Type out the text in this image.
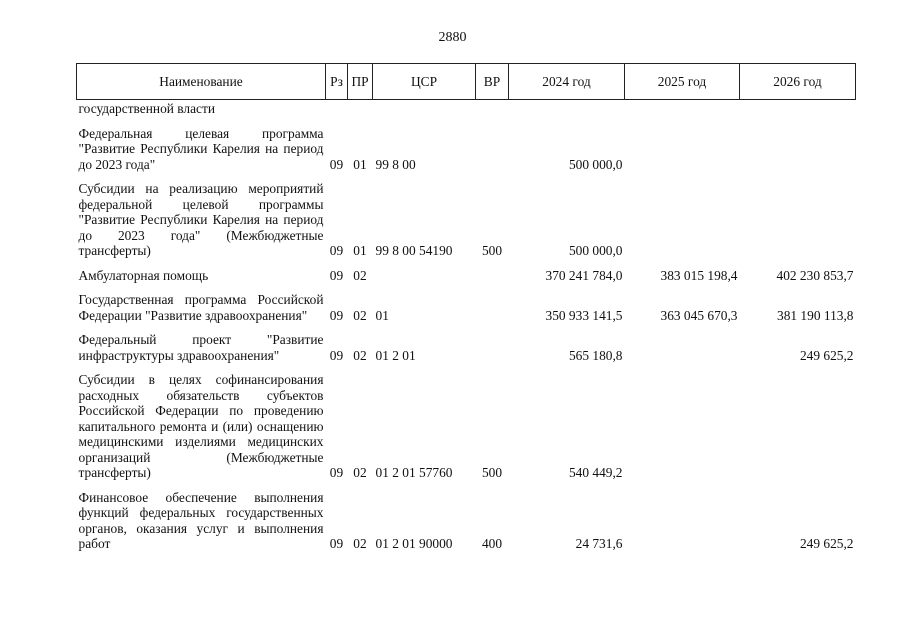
2880
Наименование	Рз	ПР	ЦСР	ВР	2024 год	2025 год	2026 год
государственной власти							
Федеральная целевая программа "Развитие Республики Карелия на период до 2023 года"	09	01	99 8 00		500 000,0		
Субсидии на реализацию мероприятий федеральной целевой программы "Развитие Республики Карелия на период до 2023 года" (Межбюджетные трансферты)	09	01	99 8 00 54190	500	500 000,0		
Амбулаторная помощь	09	02			370 241 784,0	383 015 198,4	402 230 853,7
Государственная программа Российской Федерации "Развитие здравоохранения"	09	02	01		350 933 141,5	363 045 670,3	381 190 113,8
Федеральный проект "Развитие инфраструктуры здравоохранения"	09	02	01 2 01		565 180,8		249 625,2
Субсидии в целях софинансирования расходных обязательств субъектов Российской Федерации по проведению капитального ремонта и (или) оснащению медицинскими изделиями медицинских организаций (Межбюджетные трансферты)	09	02	01 2 01 57760	500	540 449,2		
Финансовое обеспечение выполнения функций федеральных государственных органов, оказания услуг и выполнения работ	09	02	01 2 01 90000	400	24 731,6		249 625,2
